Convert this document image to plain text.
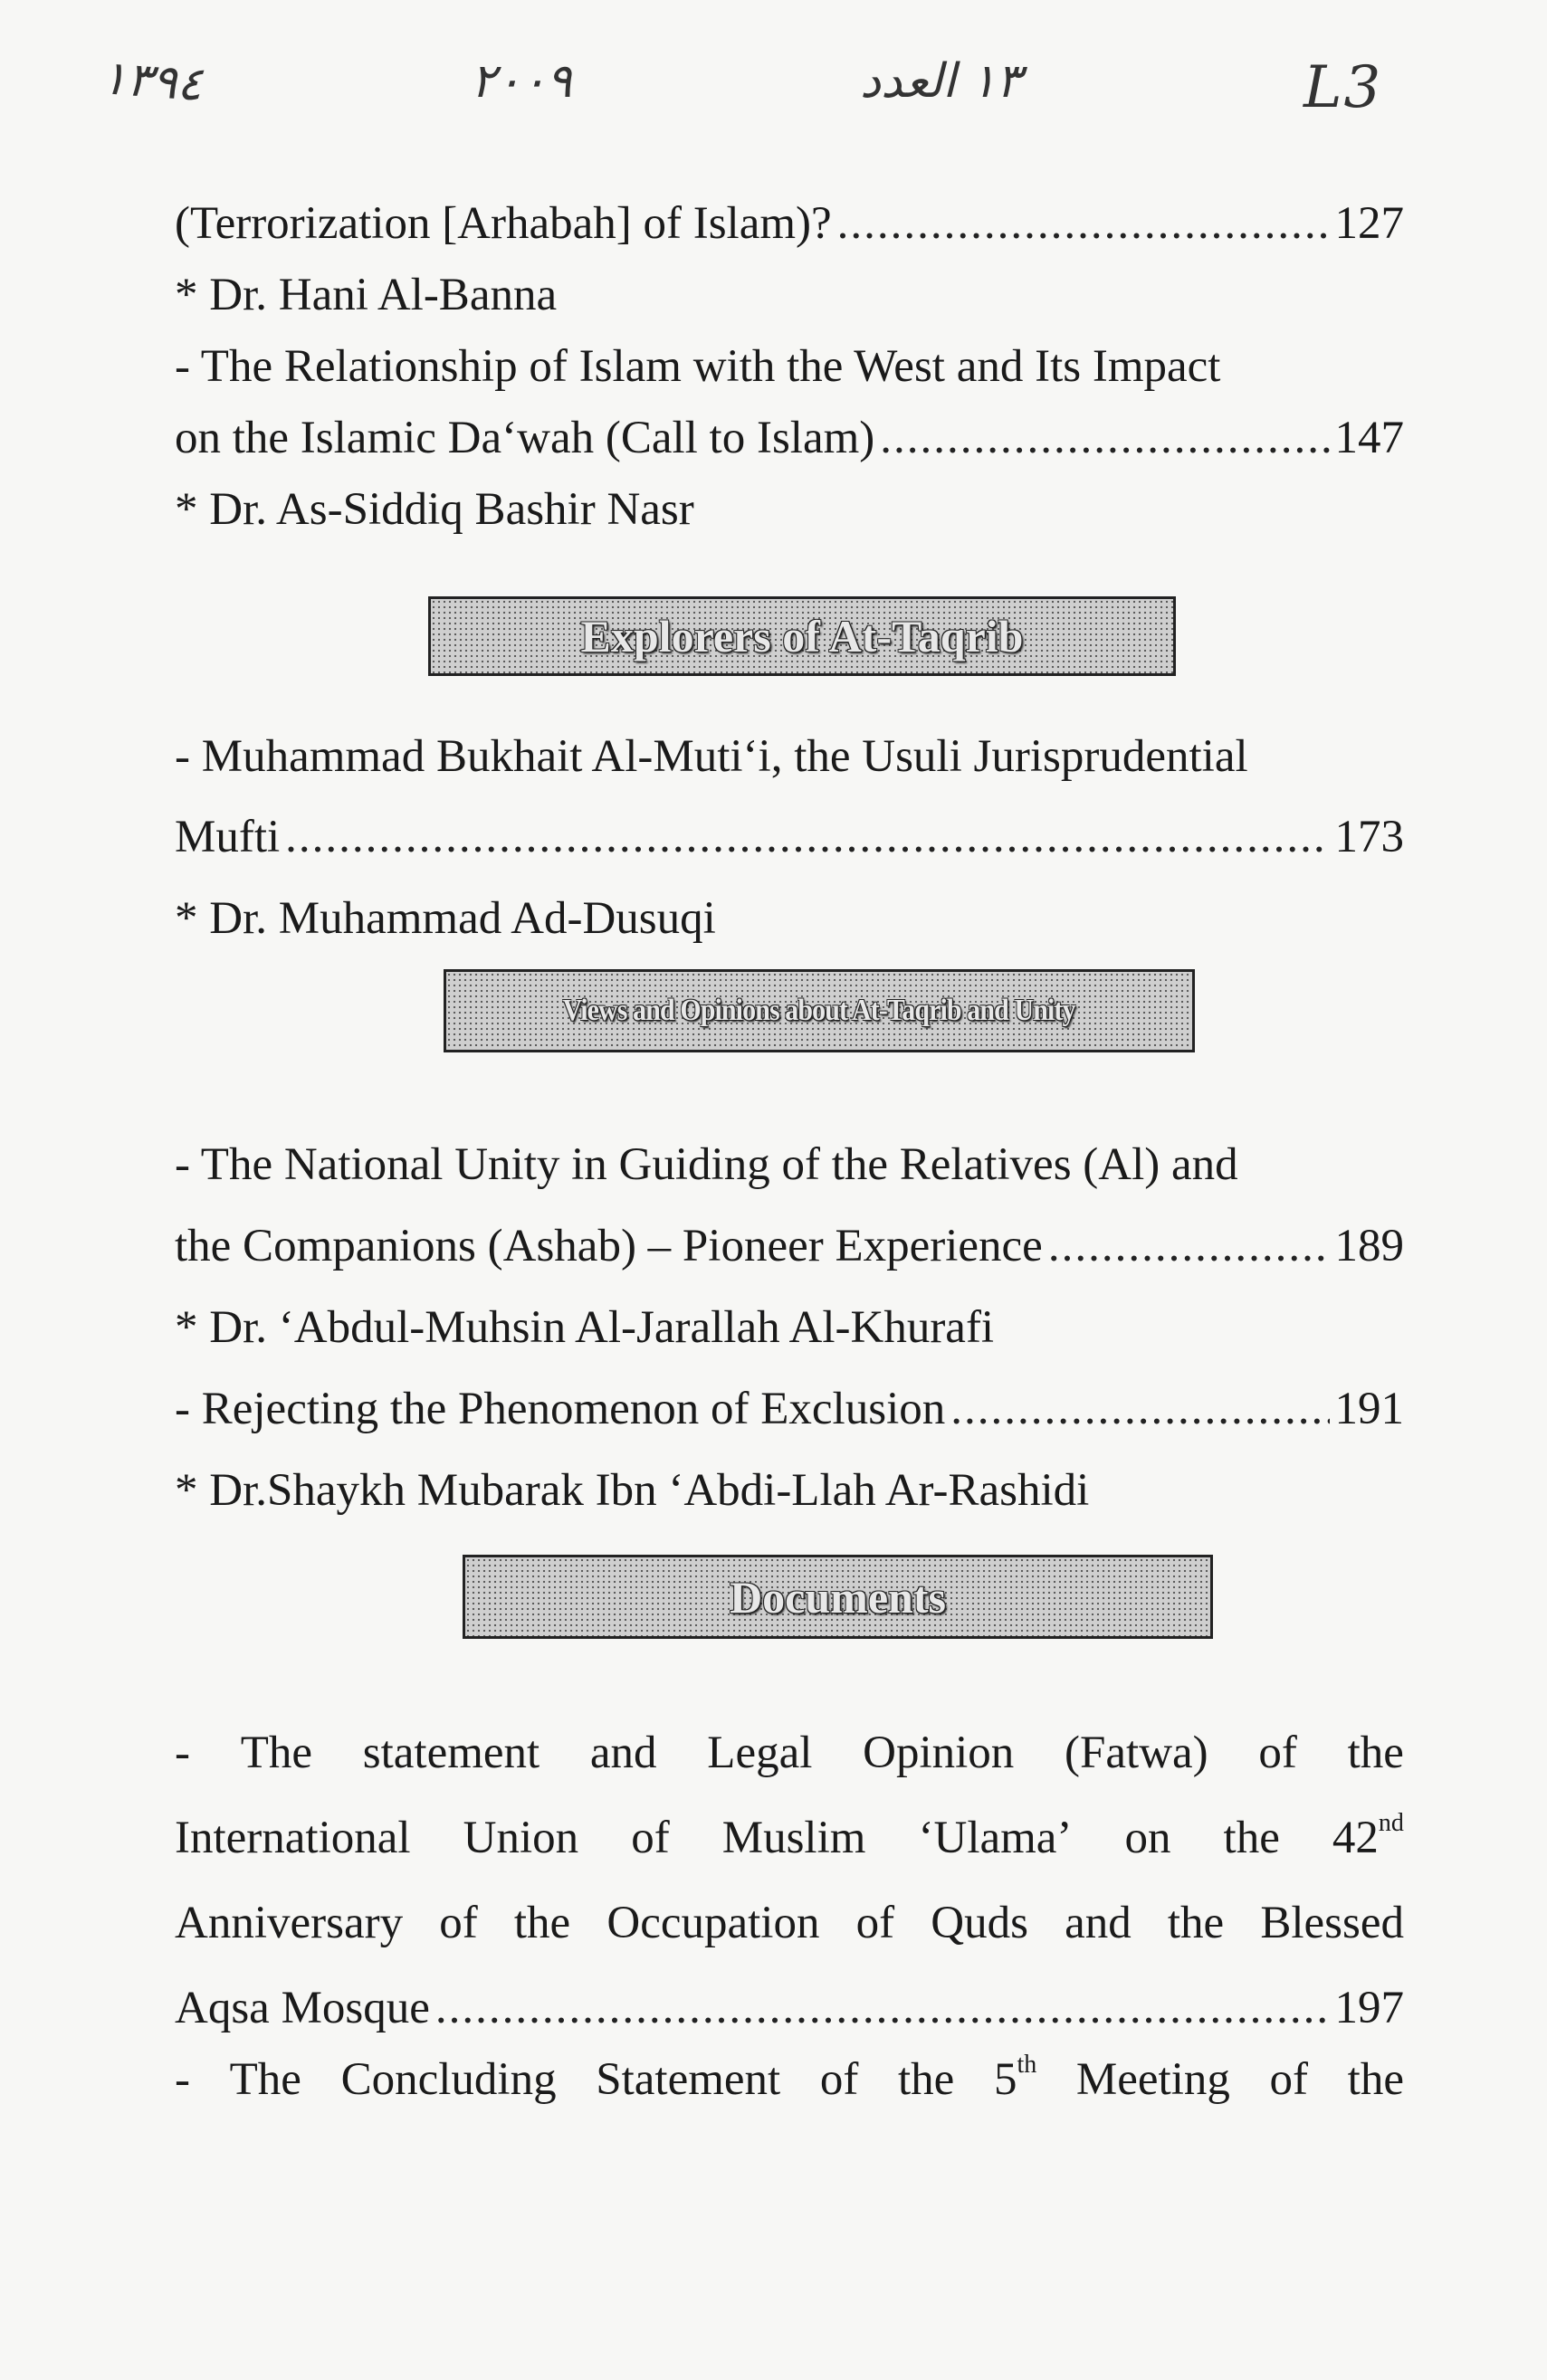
١٣٩٤	٢٠٠٩	١٣ العدد	L3
(Terrorization [Arhabah] of Islam)? .....	127
* Dr. Hani Al-Banna
- The Relationship of Islam with the West and Its Impact
on the Islamic Da‘wah (Call to Islam) .....	147
* Dr. As-Siddiq Bashir Nasr
Explorers of At-Taqrib
- Muhammad Bukhait Al-Muti‘i, the Usuli Jurisprudential
Mufti .....	173
* Dr. Muhammad Ad-Dusuqi
Views and Opinions about At-Taqrib and Unity
- The National Unity in Guiding of the Relatives (Al) and
the Companions (Ashab) – Pioneer Experience .....	189
* Dr. ‘Abdul-Muhsin Al-Jarallah Al-Khurafi
- Rejecting the Phenomenon of Exclusion .....	191
* Dr.Shaykh Mubarak Ibn ‘Abdi-Llah Ar-Rashidi
Documents
- The statement and Legal Opinion (Fatwa) of the
International Union of Muslim ‘Ulama’ on the 42nd
Anniversary of the Occupation of Quds and the Blessed
Aqsa Mosque .....	197
- The Concluding Statement of the 5th Meeting of the
